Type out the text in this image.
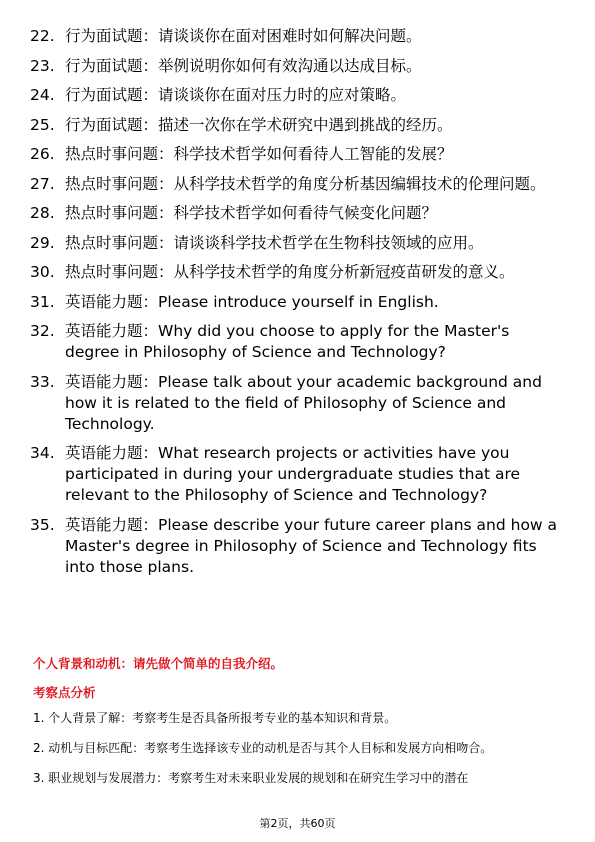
22. 行为面试题：请谈谈你在面对困难时如何解决问题。
23. 行为面试题：举例说明你如何有效沟通以达成目标。
24. 行为面试题：请谈谈你在面对压力时的应对策略。
25. 行为面试题：描述一次你在学术研究中遇到挑战的经历。
26. 热点时事问题：科学技术哲学如何看待人工智能的发展？
27. 热点时事问题：从科学技术哲学的角度分析基因编辑技术的伦理问题。
28. 热点时事问题：科学技术哲学如何看待气候变化问题？
29. 热点时事问题：请谈谈科学技术哲学在生物科技领域的应用。
30. 热点时事问题：从科学技术哲学的角度分析新冠疫苗研发的意义。
31. 英语能力题：Please introduce yourself in English.
32. 英语能力题：Why did you choose to apply for the Master's degree in Philosophy of Science and Technology?
33. 英语能力题：Please talk about your academic background and how it is related to the field of Philosophy of Science and Technology.
34. 英语能力题：What research projects or activities have you participated in during your undergraduate studies that are relevant to the Philosophy of Science and Technology?
35. 英语能力题：Please describe your future career plans and how a Master's degree in Philosophy of Science and Technology fits into those plans.
个人背景和动机：请先做个简单的自我介绍。
考察点分析
1. 个人背景了解：考察考生是否具备所报考专业的基本知识和背景。
2. 动机与目标匹配：考察考生选择该专业的动机是否与其个人目标和发展方向相吻合。
3. 职业规划与发展潜力：考察考生对未来职业发展的规划和在研究生学习中的潜在
第2页，共60页
